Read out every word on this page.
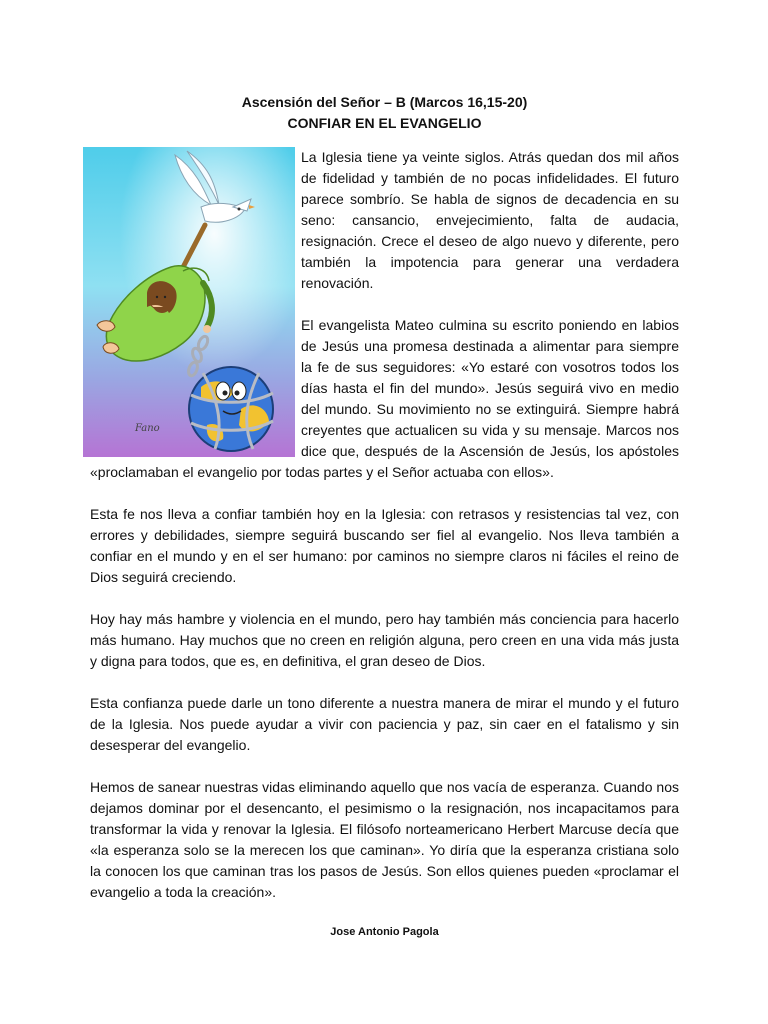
Ascensión del Señor – B (Marcos 16,15-20)

CONFIAR EN EL EVANGELIO

Fano

La Iglesia tiene ya veinte siglos. Atrás quedan dos mil años de fidelidad y también de no pocas infidelidades. El futuro parece sombrío. Se habla de signos de decadencia en su seno: cansancio, envejecimiento, falta de audacia, resignación. Crece el deseo de algo nuevo y diferente, pero también la impotencia para generar una verdadera renovación.

El evangelista Mateo culmina su escrito poniendo en labios de Jesús una promesa destinada a alimentar para siempre la fe de sus seguidores: «Yo estaré con vosotros todos los días hasta el fin del mundo». Jesús seguirá vivo en medio del mundo. Su movimiento no se extinguirá. Siempre habrá creyentes que actualicen su vida y su mensaje. Marcos nos dice que, después de la Ascensión de Jesús, los apóstoles «proclamaban el evangelio por todas partes y el Señor actuaba con ellos».

Esta fe nos lleva a confiar también hoy en la Iglesia: con retrasos y resistencias tal vez, con errores y debilidades, siempre seguirá buscando ser fiel al evangelio. Nos lleva también a confiar en el mundo y en el ser humano: por caminos no siempre claros ni fáciles el reino de Dios seguirá creciendo.

Hoy hay más hambre y violencia en el mundo, pero hay también más conciencia para hacerlo más humano. Hay muchos que no creen en religión alguna, pero creen en una vida más justa y digna para todos, que es, en definitiva, el gran deseo de Dios.

Esta confianza puede darle un tono diferente a nuestra manera de mirar el mundo y el futuro de la Iglesia. Nos puede ayudar a vivir con paciencia y paz, sin caer en el fatalismo y sin desesperar del evangelio.

Hemos de sanear nuestras vidas eliminando aquello que nos vacía de esperanza. Cuando nos dejamos dominar por el desencanto, el pesimismo o la resignación, nos incapacitamos para transformar la vida y renovar la Iglesia. El filósofo norteamericano Herbert Marcuse decía que «la esperanza solo se la merecen los que caminan». Yo diría que la esperanza cristiana solo la conocen los que caminan tras los pasos de Jesús. Son ellos quienes pueden «proclamar el evangelio a toda la creación».

Jose Antonio Pagola
